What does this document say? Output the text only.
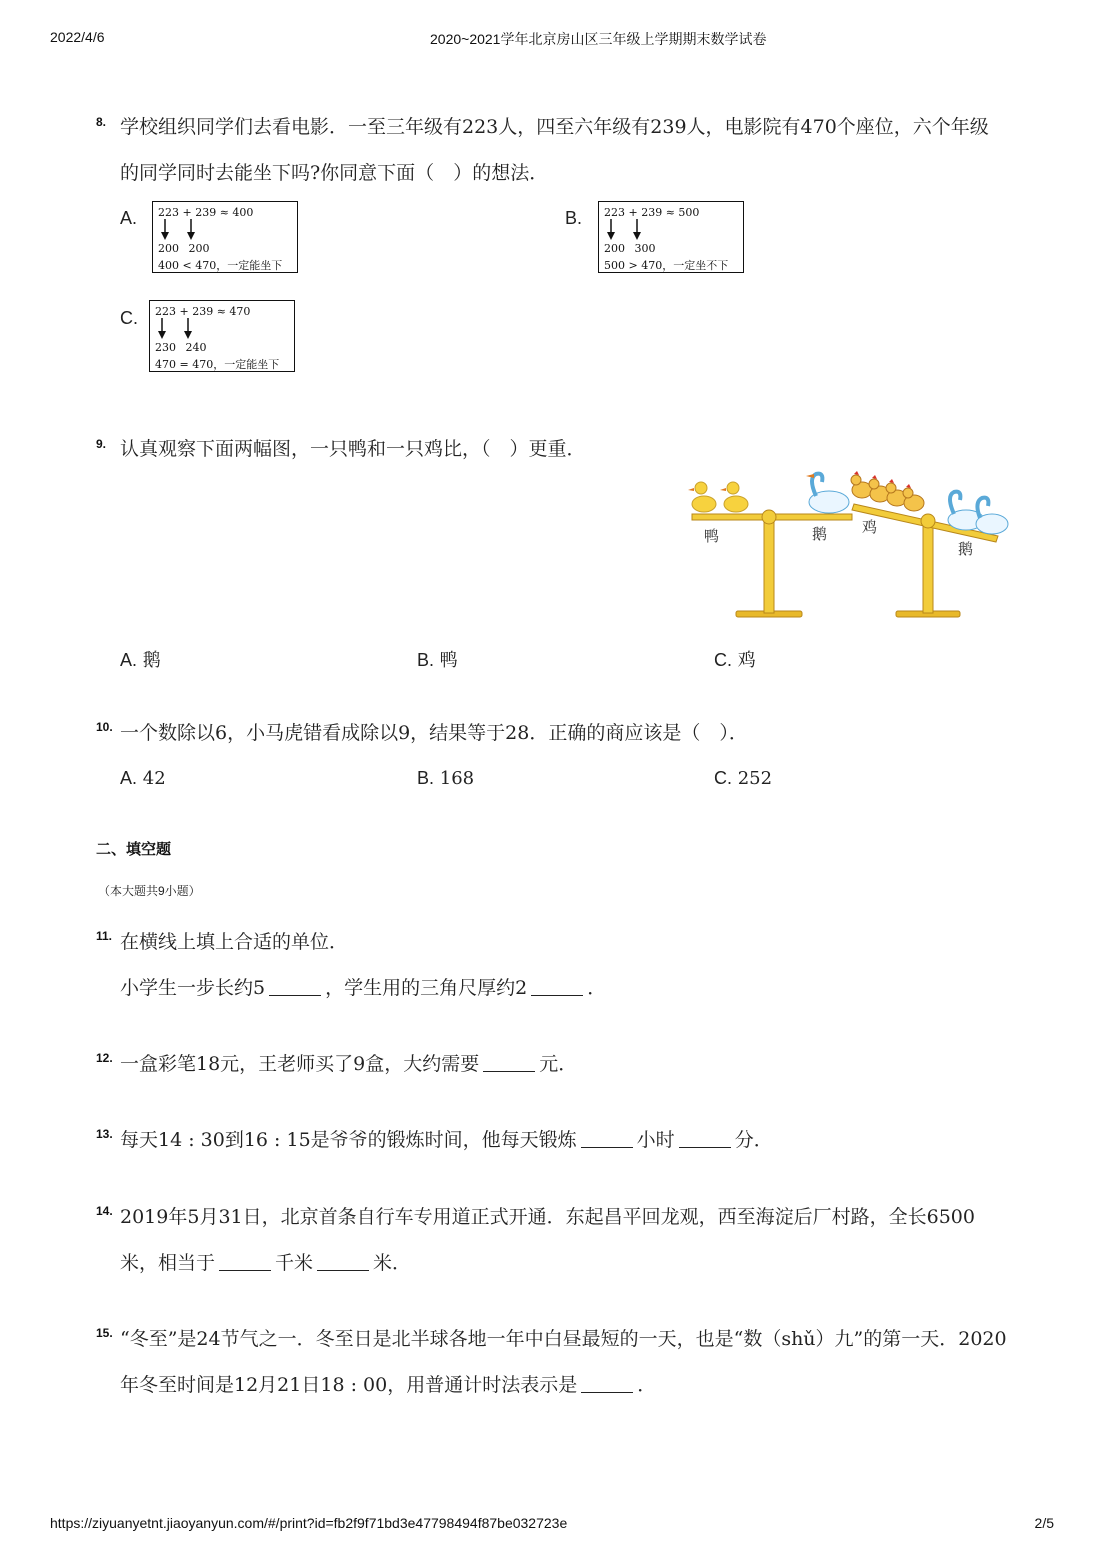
2022/4/6	2020~2021学年北京房山区三年级上学期期末数学试卷
8. 学校组织同学们去看电影．一至三年级有223人，四至六年级有239人，电影院有470个座位，六个年级
的同学同时去能坐下吗?你同意下面（　）的想法．
A. 223 + 239 ≈ 400
200 200
400 < 470，一定能坐下
B. 223 + 239 ≈ 500
200 300
500 > 470，一定坐不下
C. 223 + 239 ≈ 470
230 240
470 = 470，一定能坐下
9. 认真观察下面两幅图，一只鸭和一只鸡比，（　）更重．
鸭	鹅 鸡
鹅
A. 鹅	B. 鸭	C. 鸡
10. 一个数除以6，小马虎错看成除以9，结果等于28．正确的商应该是（　）．
A. 42	B. 168	C. 252
二、填空题
（本大题共9小题）
11. 在横线上填上合适的单位．
小学生一步长约5	，学生用的三角尺厚约2	．
12. 一盒彩笔18元，王老师买了9盒，大约需要	元．
13. 每天14 : 30到16 : 15是爷爷的锻炼时间，他每天锻炼	小时	分．
14. 2019年5月31日，北京首条自行车专用道正式开通．东起昌平回龙观，西至海淀后厂村路，全长6500
米，相当于	千米	米．
15. “冬至”是24节气之一．冬至日是北半球各地一年中白昼最短的一天，也是“数（shǔ）九”的第一天．2020
年冬至时间是12月21日18 : 00，用普通计时法表示是	．
https://ziyuanyetnt.jiaoyanyun.com/#/print?id=fb2f9f71bd3e47798494f87be032723e	2/5
